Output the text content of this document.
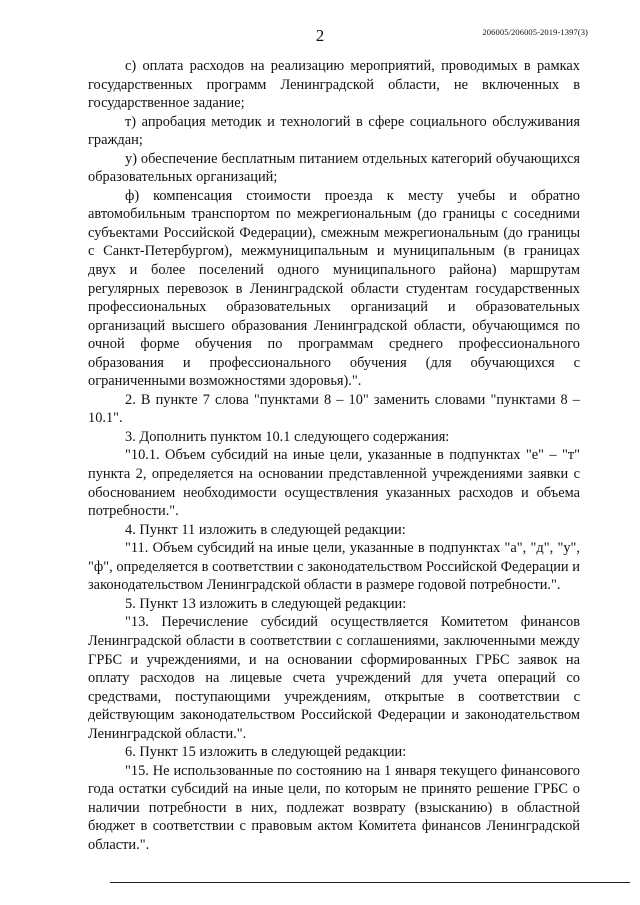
2	206005/206005-2019-1397(3)

с) оплата расходов на реализацию мероприятий, проводимых в рамках государственных программ Ленинградской области, не включенных в государственное задание;

т) апробация методик и технологий в сфере социального обслуживания граждан;

у) обеспечение бесплатным питанием отдельных категорий обучающихся образовательных организаций;

ф) компенсация стоимости проезда к месту учебы и обратно автомобильным транспортом по межрегиональным (до границы с соседними субъектами Российской Федерации), смежным межрегиональным (до границы с Санкт-Петербургом), межмуниципальным и муниципальным (в границах двух и более поселений одного муниципального района) маршрутам регулярных перевозок в Ленинградской области студентам государственных профессиональных образовательных организаций и образовательных организаций высшего образования Ленинградской области, обучающимся по очной форме обучения по программам среднего профессионального образования и профессионального обучения (для обучающихся с ограниченными возможностями здоровья).".

2. В пункте 7 слова "пунктами 8 – 10" заменить словами "пунктами 8 – 10.1".

3. Дополнить пунктом 10.1 следующего содержания:

"10.1. Объем субсидий на иные цели, указанные в подпунктах "е" – "т" пункта 2, определяется на основании представленной учреждениями заявки с обоснованием необходимости осуществления указанных расходов и объема потребности.".

4. Пункт 11 изложить в следующей редакции:

"11. Объем субсидий на иные цели, указанные в подпунктах "а", "д", "у", "ф", определяется в соответствии с законодательством Российской Федерации и законодательством Ленинградской области в размере годовой потребности.".

5. Пункт 13 изложить в следующей редакции:

"13. Перечисление субсидий осуществляется Комитетом финансов Ленинградской области в соответствии с соглашениями, заключенными между ГРБС и учреждениями, и на основании сформированных ГРБС заявок на оплату расходов на лицевые счета учреждений для учета операций со средствами, поступающими учреждениям, открытые в соответствии с действующим законодательством Российской Федерации и законодательством Ленинградской области.".

6. Пункт 15 изложить в следующей редакции:

"15. Не использованные по состоянию на 1 января текущего финансового года остатки субсидий на иные цели, по которым не принято решение ГРБС о наличии потребности в них, подлежат возврату (взысканию) в областной бюджет в соответствии с правовым актом Комитета финансов Ленинградской области.".
